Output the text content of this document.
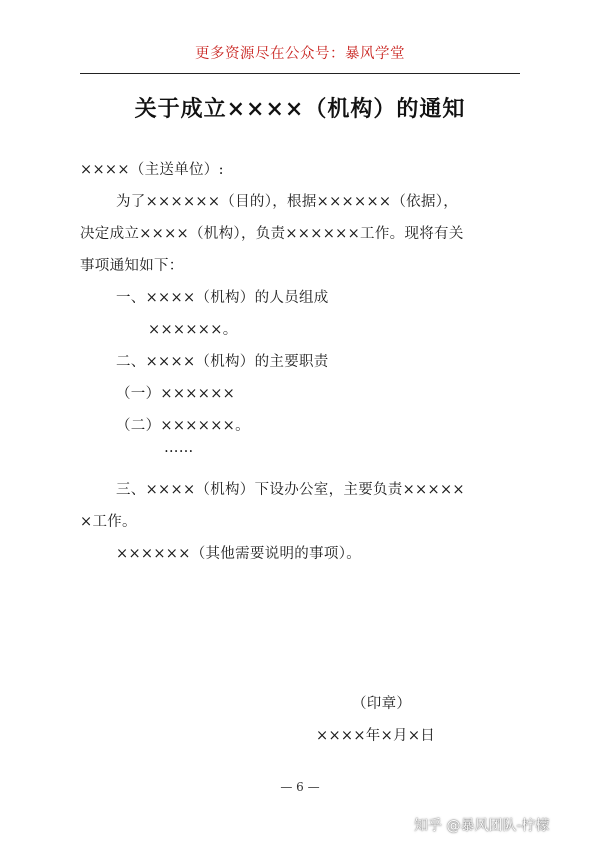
更多资源尽在公众号：暴风学堂
关于成立××××（机构）的通知
××××（主送单位）:
为了××××××（目的），根据××××××（依据），
决定成立××××（机构），负责××××××工作。现将有关
事项通知如下：
一、××××（机构）的人员组成
××××××。
二、××××（机构）的主要职责
（一）××××××
（二）××××××。
……
三、××××（机构）下设办公室，主要负责×××××
×工作。
××××××（其他需要说明的事项）。
（印章）
××××年×月×日
— 6 —
知乎 @暴风团队-柠檬
